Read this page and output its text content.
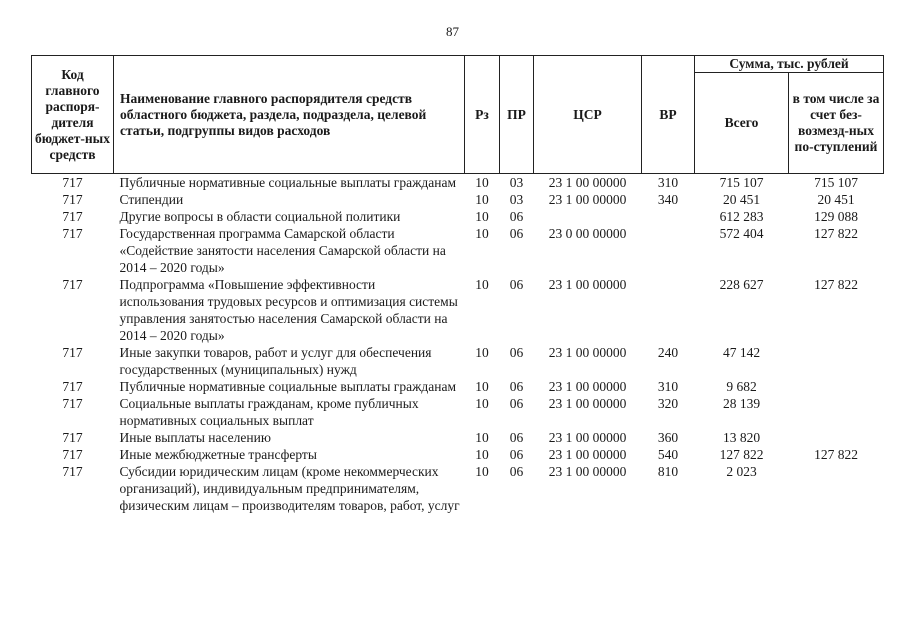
87
Код главного распоря-дителя бюджет-ных средств	Наименование главного распорядителя средств областного бюджета, раздела, подраздела, целевой статьи, подгруппы видов расходов	Рз	ПР	ЦСР	ВР	Сумма, тыс. рублей	
						Всего	в том числе за счет без-возмезд-ных по-ступлений
717	Публичные нормативные социальные выплаты гражданам	10	03	23 1 00 00000	310	715 107	715 107
717	Стипендии	10	03	23 1 00 00000	340	20 451	20 451
717	Другие вопросы в области социальной политики	10	06			612 283	129 088
717	Государственная программа Самарской области «Содействие занятости населения Самарской области на 2014 – 2020 годы»	10	06	23 0 00 00000		572 404	127 822
717	Подпрограмма «Повышение эффективности использования трудовых ресурсов и оптимизация системы управления занятостью населения Самарской области на 2014 – 2020 годы»	10	06	23 1 00 00000		228 627	127 822
717	Иные закупки товаров, работ и услуг для обеспечения государственных (муниципальных) нужд	10	06	23 1 00 00000	240	47 142	
717	Публичные нормативные социальные выплаты гражданам	10	06	23 1 00 00000	310	9 682	
717	Социальные выплаты гражданам, кроме публичных нормативных социальных выплат	10	06	23 1 00 00000	320	28 139	
717	Иные выплаты населению	10	06	23 1 00 00000	360	13 820	
717	Иные межбюджетные трансферты	10	06	23 1 00 00000	540	127 822	127 822
717	Субсидии юридическим лицам (кроме некоммерческих организаций), индивидуальным предпринимателям, физическим лицам – производителям товаров, работ, услуг	10	06	23 1 00 00000	810	2 023	
